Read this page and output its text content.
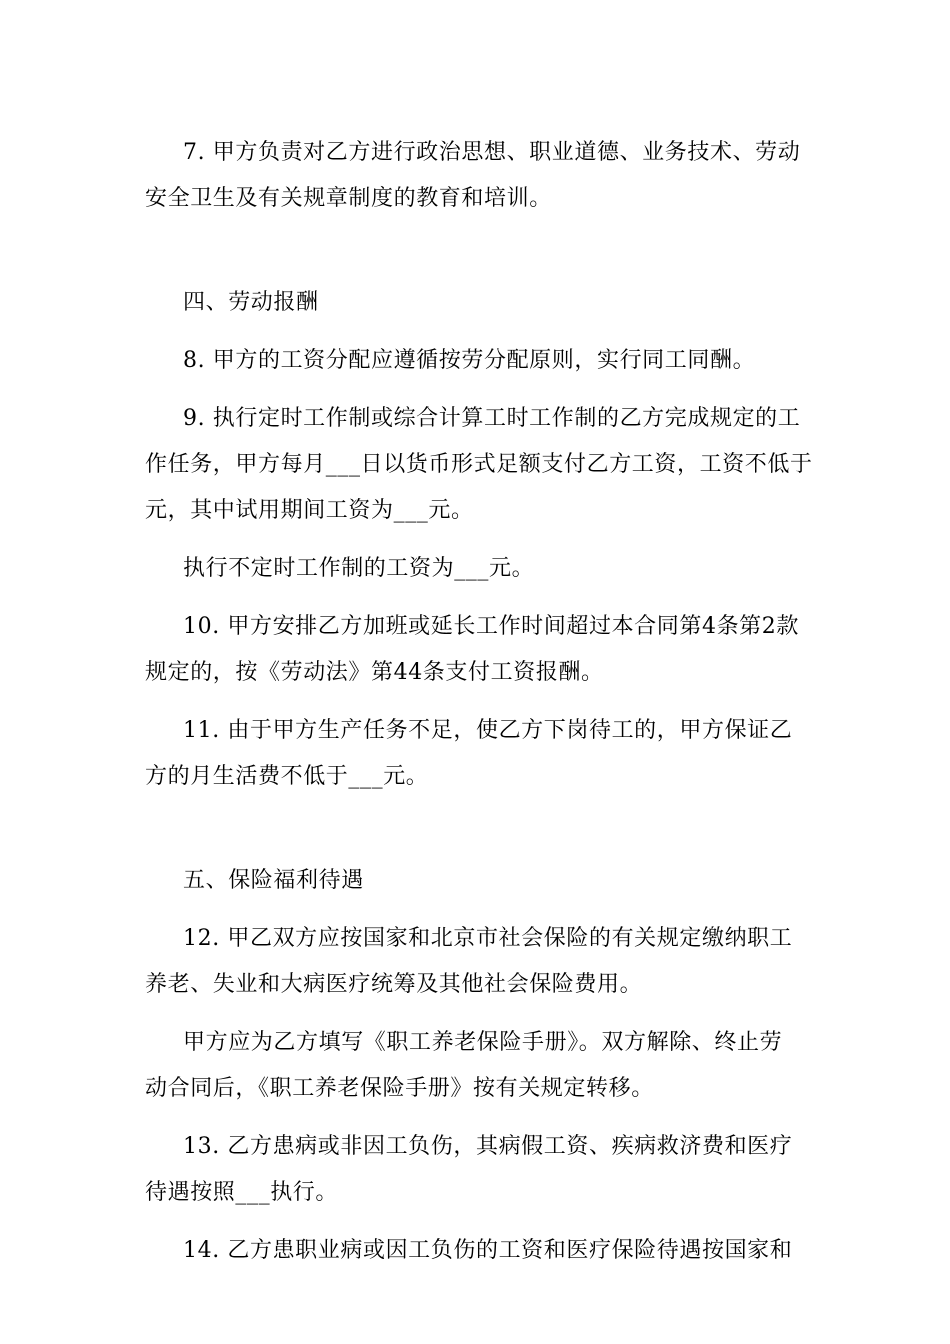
7. 甲方负责对乙方进行政治思想、职业道德、业务技术、劳动

安全卫生及有关规章制度的教育和培训。

四、劳动报酬

8. 甲方的工资分配应遵循按劳分配原则，实行同工同酬。

9. 执行定时工作制或综合计算工时工作制的乙方完成规定的工

作任务，甲方每月___日以货币形式足额支付乙方工资，工资不低于

元，其中试用期间工资为___元。

执行不定时工作制的工资为___元。

10. 甲方安排乙方加班或延长工作时间超过本合同第4条第2款

规定的，按《劳动法》第44条支付工资报酬。

11. 由于甲方生产任务不足，使乙方下岗待工的，甲方保证乙

方的月生活费不低于___元。

五、保险福利待遇

12. 甲乙双方应按国家和北京市社会保险的有关规定缴纳职工

养老、失业和大病医疗统筹及其他社会保险费用。

甲方应为乙方填写《职工养老保险手册》。双方解除、终止劳

动合同后，《职工养老保险手册》按有关规定转移。

13. 乙方患病或非因工负伤，其病假工资、疾病救济费和医疗

待遇按照___执行。

14. 乙方患职业病或因工负伤的工资和医疗保险待遇按国家和
